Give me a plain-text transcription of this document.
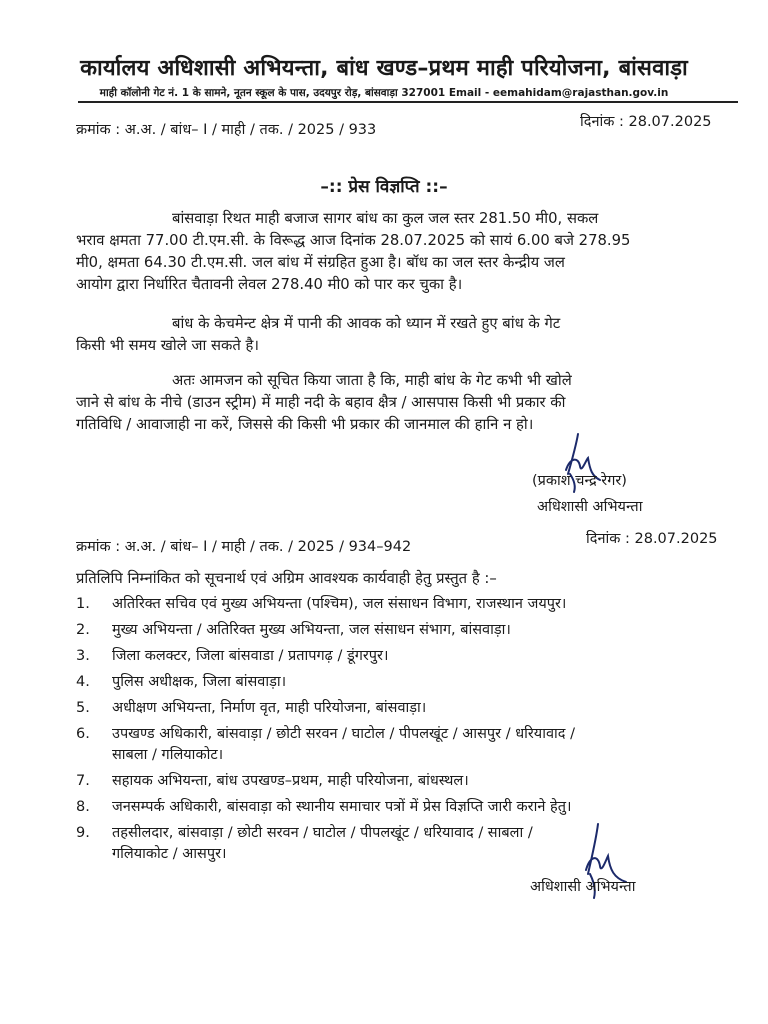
कार्यालय अधिशासी अभियन्ता, बांध खण्ड–प्रथम माही परियोजना, बांसवाड़ा
माही कॉलोनी गेट नं. 1 के सामने, नूतन स्कूल के पास, उदयपुर रोड़, बांसवाड़ा 327001 Email - eemahidam@rajasthan.gov.in
क्रमांक : अ.अ. / बांध– I / माही / तक. / 2025 / 933	दिनांक : 28.07.2025
–:: प्रेस विज्ञप्ति ::–
बांसवाड़ा रिथत माही बजाज सागर बांध का कुल जल स्तर 281.50 मी0, सकल
भराव क्षमता 77.00 टी.एम.सी. के विरूद्ध आज दिनांक 28.07.2025 को सायं 6.00 बजे 278.95
मी0, क्षमता 64.30 टी.एम.सी. जल बांध में संग्रहित हुआ है। बॉध का जल स्तर केन्द्रीय जल
आयोग द्वारा निर्धारित चैतावनी लेवल 278.40 मी0 को पार कर चुका है।
बांध के केचमेन्ट क्षेत्र में पानी की आवक को ध्यान में रखते हुए बांध के गेट
किसी भी समय खोले जा सकते है।
अतः आमजन को सूचित किया जाता है कि, माही बांध के गेट कभी भी खोले
जाने से बांध के नीचे (डाउन स्ट्रीम) में माही नदी के बहाव क्षैत्र / आसपास किसी भी प्रकार की
गतिविधि / आवाजाही ना करें, जिससे की किसी भी प्रकार की जानमाल की हानि न हो।
(प्रकाश चन्द्र रेगर)
अधिशासी अभियन्ता
क्रमांक : अ.अ. / बांध– I / माही / तक. / 2025 / 934–942	दिनांक : 28.07.2025
प्रतिलिपि निम्नांकित को सूचनार्थ एवं अग्रिम आवश्यक कार्यवाही हेतु प्रस्तुत है :–
1. अतिरिक्त सचिव एवं मुख्य अभियन्ता (पश्चिम), जल संसाधन विभाग, राजस्थान जयपुर।
2. मुख्य अभियन्ता / अतिरिक्त मुख्य अभियन्ता, जल संसाधन संभाग, बांसवाड़ा।
3. जिला कलक्टर, जिला बांसवाडा / प्रतापगढ़ / डूंगरपुर।
4. पुलिस अधीक्षक, जिला बांसवाड़ा।
5. अधीक्षण अभियन्ता, निर्माण वृत, माही परियोजना, बांसवाड़ा।
6. उपखण्ड अधिकारी, बांसवाड़ा / छोटी सरवन / घाटोल / पीपलखूंट / आसपुर / धरियावाद /
साबला / गलियाकोट।
7. सहायक अभियन्ता, बांध उपखण्ड–प्रथम, माही परियोजना, बांधस्थल।
8. जनसम्पर्क अधिकारी, बांसवाड़ा को स्थानीय समाचार पत्रों में प्रेस विज्ञप्ति जारी कराने हेतु।
9. तहसीलदार, बांसवाड़ा / छोटी सरवन / घाटोल / पीपलखूंट / धरियावाद / साबला /
गलियाकोट / आसपुर।
अधिशासी अभियन्ता
